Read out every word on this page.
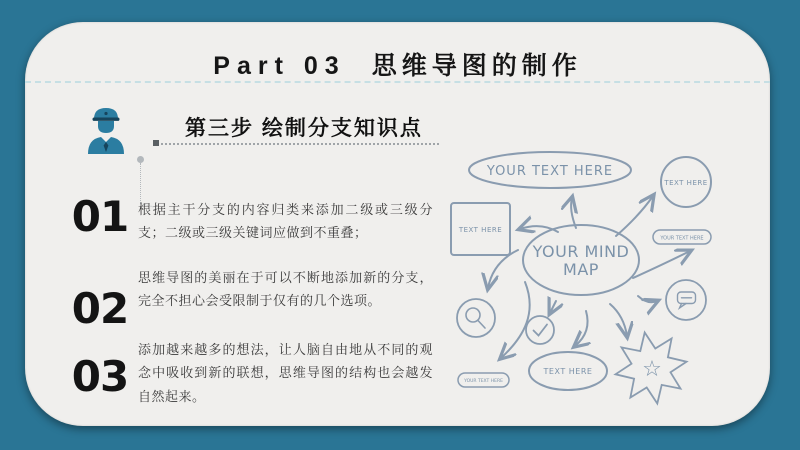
Part 03 思维导图的制作
第三步 绘制分支知识点
01 根据主干分支的内容归类来添加二级或三级分支；二级或三级关键词应做到不重叠；
02
思维导图的美丽在于可以不断地添加新的分支，完全不担心会受限制于仅有的几个选项。
03
添加越来越多的想法，让人脑自由地从不同的观念中吸收到新的联想，思维导图的结构也会越发自然起来。
YOUR TEXT HERE
TEXT HERE
TEXT HERE
YOUR MIND
MAP
YOUR TEXT HERE
YOUR TEXT HERE
TEXT HERE ☆
